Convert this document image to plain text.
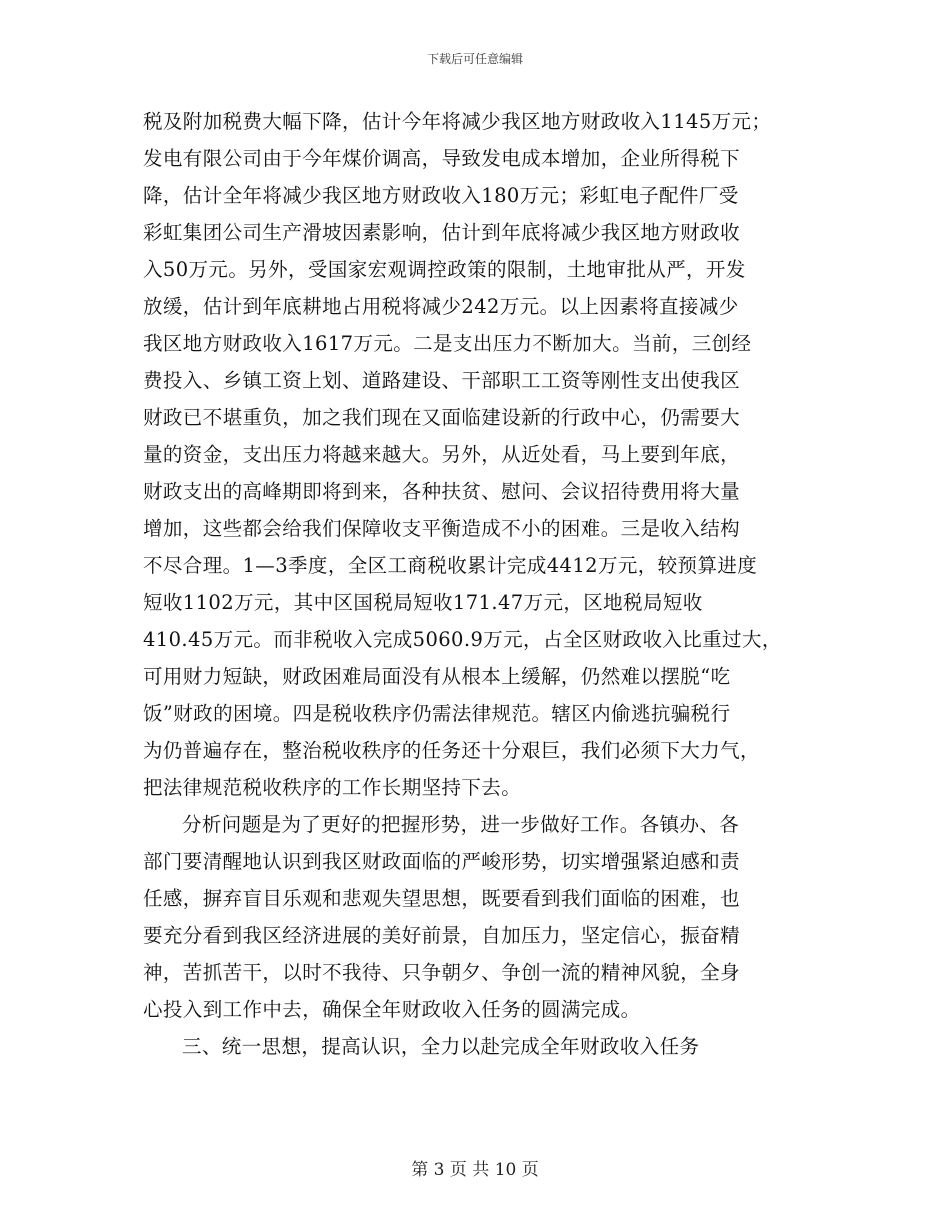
下载后可任意编辑
税及附加税费大幅下降，估计今年将减少我区地方财政收入1145万元；
发电有限公司由于今年煤价调高，导致发电成本增加，企业所得税下
降，估计全年将减少我区地方财政收入180万元；彩虹电子配件厂受
彩虹集团公司生产滑坡因素影响，估计到年底将减少我区地方财政收
入50万元。另外，受国家宏观调控政策的限制，土地审批从严，开发
放缓，估计到年底耕地占用税将减少242万元。以上因素将直接减少
我区地方财政收入1617万元。二是支出压力不断加大。当前，三创经
费投入、乡镇工资上划、道路建设、干部职工工资等刚性支出使我区
财政已不堪重负，加之我们现在又面临建设新的行政中心，仍需要大
量的资金，支出压力将越来越大。另外，从近处看，马上要到年底，
财政支出的高峰期即将到来，各种扶贫、慰问、会议招待费用将大量
增加，这些都会给我们保障收支平衡造成不小的困难。三是收入结构
不尽合理。1—3季度，全区工商税收累计完成4412万元，较预算进度
短收1102万元，其中区国税局短收171.47万元，区地税局短收
410.45万元。而非税收入完成5060.9万元，占全区财政收入比重过大，
可用财力短缺，财政困难局面没有从根本上缓解，仍然难以摆脱“吃
饭”财政的困境。四是税收秩序仍需法律规范。辖区内偷逃抗骗税行
为仍普遍存在，整治税收秩序的任务还十分艰巨，我们必须下大力气，
把法律规范税收秩序的工作长期坚持下去。
分析问题是为了更好的把握形势，进一步做好工作。各镇办、各
部门要清醒地认识到我区财政面临的严峻形势，切实增强紧迫感和责
任感，摒弃盲目乐观和悲观失望思想，既要看到我们面临的困难，也
要充分看到我区经济进展的美好前景，自加压力，坚定信心，振奋精
神，苦抓苦干，以时不我待、只争朝夕、争创一流的精神风貌，全身
心投入到工作中去，确保全年财政收入任务的圆满完成。
三、统一思想，提高认识，全力以赴完成全年财政收入任务
第 3 页 共 10 页
